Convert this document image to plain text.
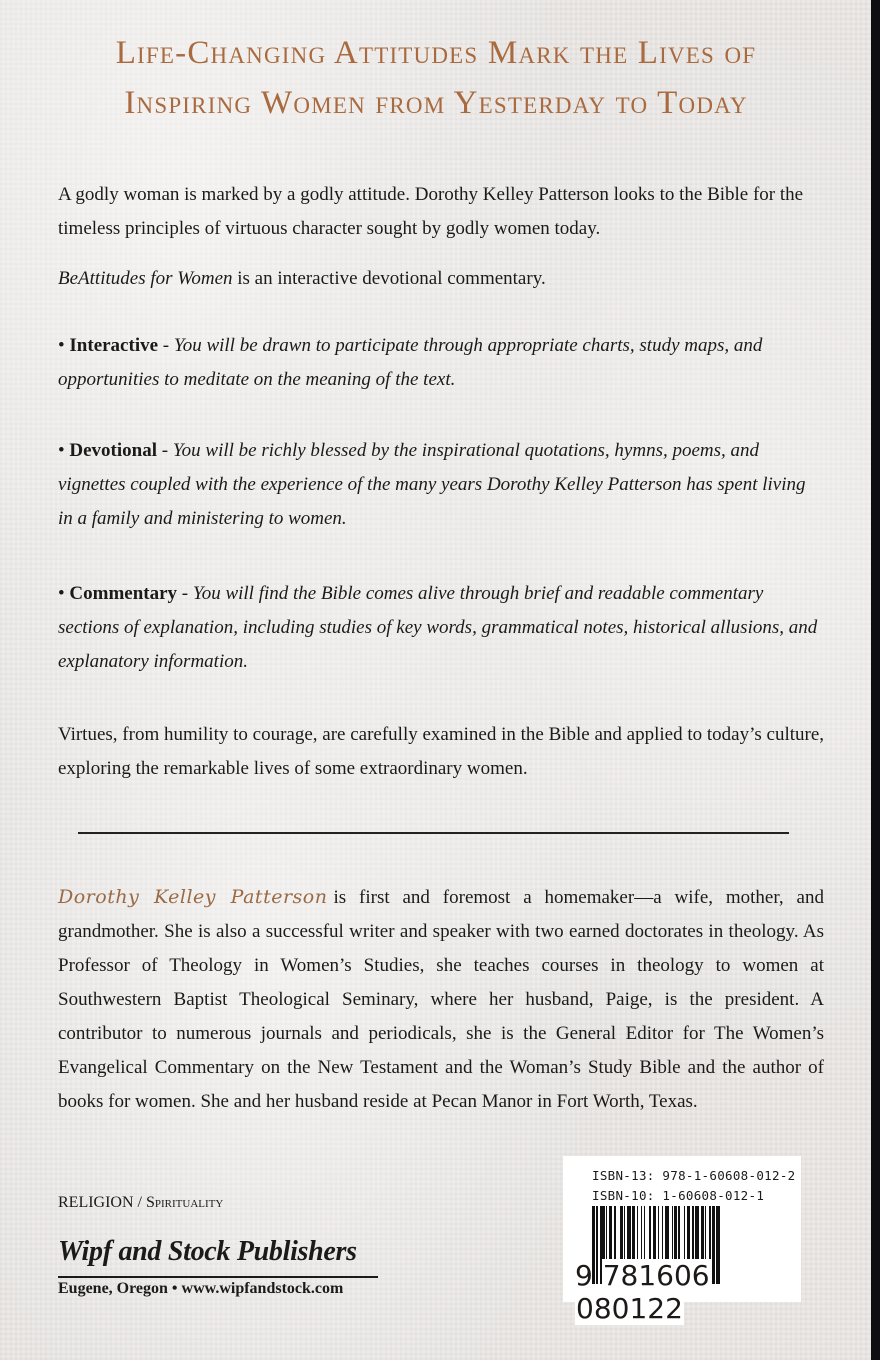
Life-Changing Attitudes Mark the Lives of
Inspiring Women from Yesterday to Today
A godly woman is marked by a godly attitude. Dorothy Kelley Patterson looks to the Bible for the timeless principles of virtuous character sought by godly women today.
BeAttitudes for Women is an interactive devotional commentary.
• Interactive - You will be drawn to participate through appropriate charts, study maps, and opportunities to meditate on the meaning of the text.
• Devotional - You will be richly blessed by the inspirational quotations, hymns, poems, and vignettes coupled with the experience of the many years Dorothy Kelley Patterson has spent living in a family and ministering to women.
• Commentary - You will find the Bible comes alive through brief and readable commentary sections of explanation, including studies of key words, grammatical notes, historical allusions, and explanatory information.
Virtues, from humility to courage, are carefully examined in the Bible and applied to today’s culture, exploring the remarkable lives of some extraordinary women.
Dorothy Kelley Patterson is first and foremost a homemaker—a wife, mother, and grandmother. She is also a successful writer and speaker with two earned doctorates in theology. As Professor of Theology in Women’s Studies, she teaches courses in theology to women at Southwestern Baptist Theological Seminary, where her husband, Paige, is the president. A contributor to numerous journals and periodicals, she is the General Editor for The Women’s Evangelical Commentary on the New Testament and the Woman’s Study Bible and the author of books for women. She and her husband reside at Pecan Manor in Fort Worth, Texas.
RELIGION / Spirituality
Wipf and Stock Publishers
Eugene, Oregon • www.wipfandstock.com
ISBN-13: 978-1-60608-012-2
ISBN-10: 1-60608-012-1
9 781606 080122
